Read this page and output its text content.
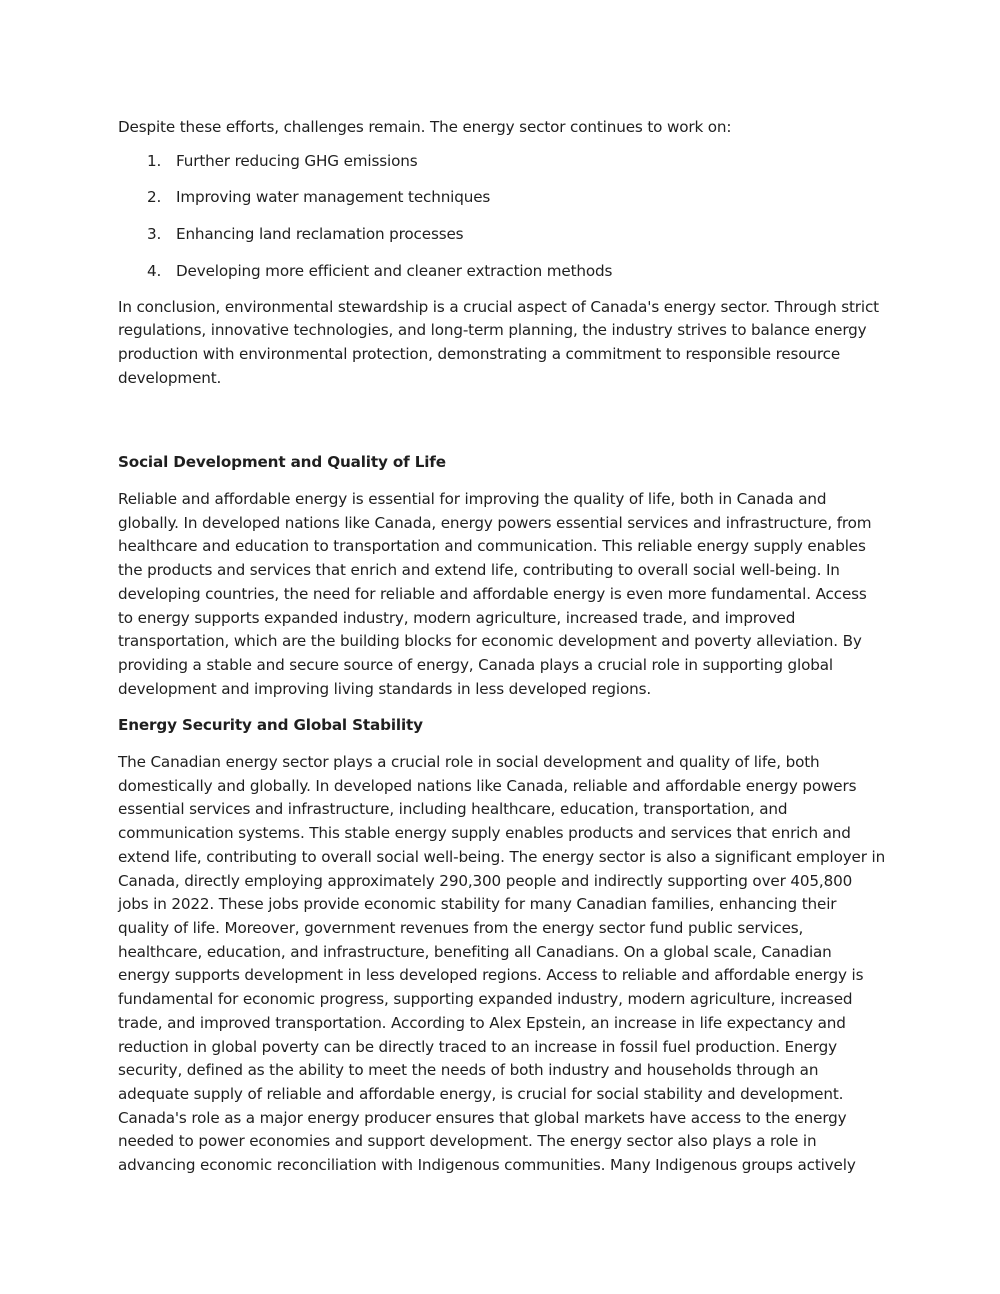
Despite these efforts, challenges remain. The energy sector continues to work on:

1. Further reducing GHG emissions
2. Improving water management techniques
3. Enhancing land reclamation processes
4. Developing more efficient and cleaner extraction methods

In conclusion, environmental stewardship is a crucial aspect of Canada's energy sector. Through strict regulations, innovative technologies, and long-term planning, the industry strives to balance energy production with environmental protection, demonstrating a commitment to responsible resource development.

Social Development and Quality of Life

Reliable and affordable energy is essential for improving the quality of life, both in Canada and globally. In developed nations like Canada, energy powers essential services and infrastructure, from healthcare and education to transportation and communication. This reliable energy supply enables the products and services that enrich and extend life, contributing to overall social well-being. In developing countries, the need for reliable and affordable energy is even more fundamental. Access to energy supports expanded industry, modern agriculture, increased trade, and improved transportation, which are the building blocks for economic development and poverty alleviation. By providing a stable and secure source of energy, Canada plays a crucial role in supporting global development and improving living standards in less developed regions.

Energy Security and Global Stability

The Canadian energy sector plays a crucial role in social development and quality of life, both domestically and globally. In developed nations like Canada, reliable and affordable energy powers essential services and infrastructure, including healthcare, education, transportation, and communication systems. This stable energy supply enables products and services that enrich and extend life, contributing to overall social well-being. The energy sector is also a significant employer in Canada, directly employing approximately 290,300 people and indirectly supporting over 405,800 jobs in 2022. These jobs provide economic stability for many Canadian families, enhancing their quality of life. Moreover, government revenues from the energy sector fund public services, healthcare, education, and infrastructure, benefiting all Canadians. On a global scale, Canadian energy supports development in less developed regions. Access to reliable and affordable energy is fundamental for economic progress, supporting expanded industry, modern agriculture, increased trade, and improved transportation. According to Alex Epstein, an increase in life expectancy and reduction in global poverty can be directly traced to an increase in fossil fuel production. Energy security, defined as the ability to meet the needs of both industry and households through an adequate supply of reliable and affordable energy, is crucial for social stability and development. Canada's role as a major energy producer ensures that global markets have access to the energy needed to power economies and support development. The energy sector also plays a role in advancing economic reconciliation with Indigenous communities. Many Indigenous groups actively
